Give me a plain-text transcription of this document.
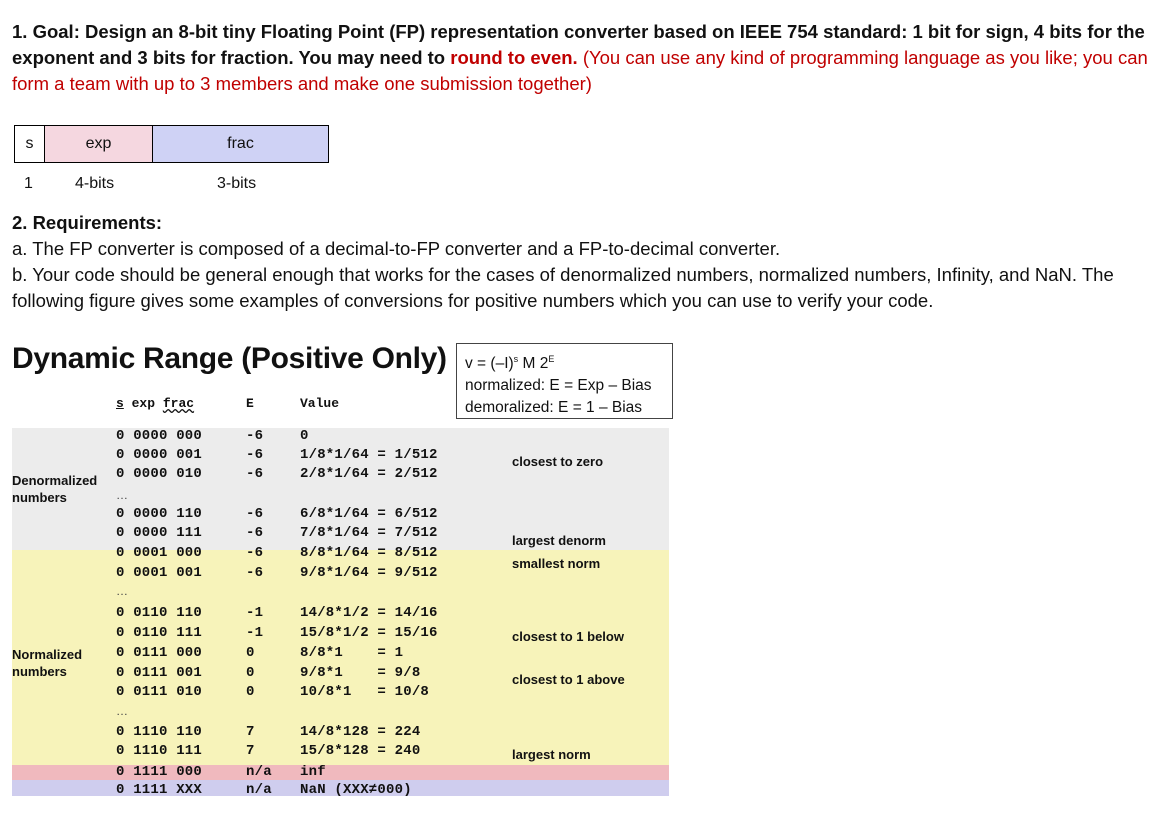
1. Goal: Design an 8-bit tiny Floating Point (FP) representation converter based on IEEE 754 standard: 1 bit for sign, 4 bits for the exponent and 3 bits for fraction. You may need to round to even. (You can use any kind of programming language as you like; you can form a team with up to 3 members and make one submission together)
s	exp	frac
1	4-bits	3-bits
2. Requirements:
a. The FP converter is composed of a decimal-to-FP converter and a FP-to-decimal converter.
b. Your code should be general enough that works for the cases of denormalized numbers, normalized numbers, Infinity, and NaN. The following figure gives some examples of conversions for positive numbers which you can use to verify your code.
Dynamic Range (Positive Only) $v = (-I)^s$ M $2^E$
normalized: E = Exp – Bias
demoralized: E = 1 – Bias
s exp frac	E	Value
Denormalized
numbers
Normalized
numbers
…
…
…
0 0000 000	-6	0
0 0000 001	-6	1/8*1/64 = 1/512
0 0000 010	-6	2/8*1/64 = 2/512
0 0000 110	-6	6/8*1/64 = 6/512
0 0000 111	-6	7/8*1/64 = 7/512
0 0001 000	-6	8/8*1/64 = 8/512
0 0001 001	-6	9/8*1/64 = 9/512
0 0110 110	-1	14/8*1/2 = 14/16
0 0110 111	-1	15/8*1/2 = 15/16
0 0111 000	0	8/8*1    = 1
0 0111 001	0	9/8*1    = 9/8
0 0111 010	0	10/8*1   = 10/8
0 1110 110	7	14/8*128 = 224
0 1110 111	7	15/8*128 = 240
0 1111 000	n/a inf
0 1111 XXX	n/a NaN (XXX≠000)
closest to zero
largest denorm
smallest norm
closest to 1 below
closest to 1 above
largest norm
